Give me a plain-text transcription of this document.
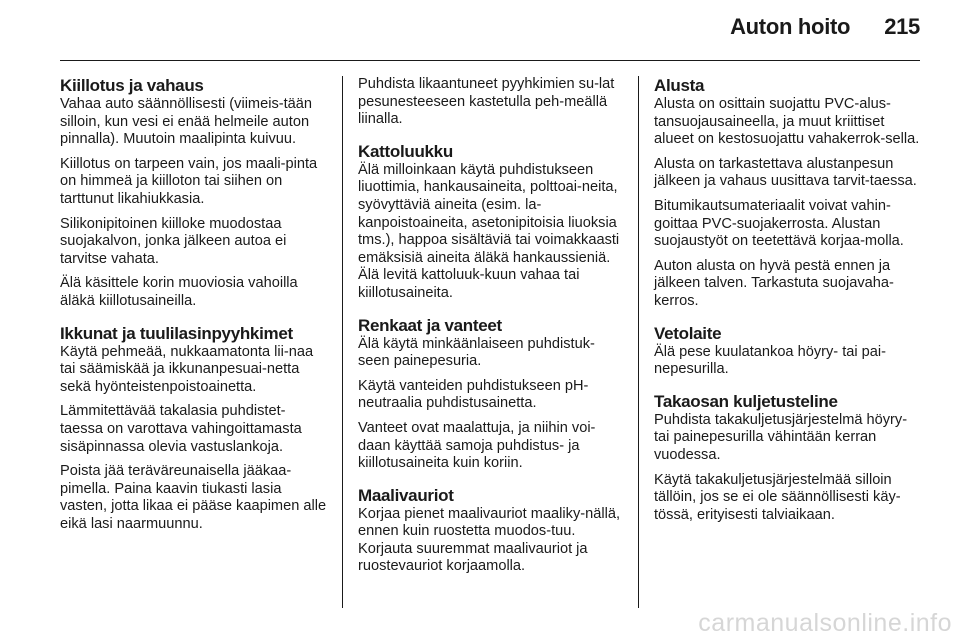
Auton hoito 215
Kiillotus ja vahaus

Vahaa auto säännöllisesti (viimeis-tään silloin, kun vesi ei enää helmeile auton pinnalla). Muutoin maalipinta kuivuu.

Kiillotus on tarpeen vain, jos maali-pinta on himmeä ja kiilloton tai siihen on tarttunut likahiukkasia.

Silikonipitoinen kiilloke muodostaa suojakalvon, jonka jälkeen autoa ei tarvitse vahata.

Älä käsittele korin muoviosia vahoilla äläkä kiillotusaineilla.

Ikkunat ja tuulilasinpyyhkimet

Käytä pehmeää, nukkaamatonta lii-naa tai säämiskää ja ikkunanpesuai-netta sekä hyönteistenpoistoainetta.

Lämmitettävää takalasia puhdistet-taessa on varottava vahingoittamasta sisäpinnassa olevia vastuslankoja.

Poista jää teräväreunaisella jääkaa-pimella. Paina kaavin tiukasti lasia vasten, jotta likaa ei pääse kaapimen alle eikä lasi naarmuunnu.

Puhdista likaantuneet pyyhkimien su-lat pesunesteeseen kastetulla peh-meällä liinalla.

Kattoluukku

Älä milloinkaan käytä puhdistukseen liuottimia, hankausaineita, polttoai-neita, syövyttäviä aineita (esim. la-kanpoistoaineita, asetonipitoisia liuoksia tms.), happoa sisältäviä tai voimakkaasti emäksisiä aineita äläkä hankaussieniä. Älä levitä kattoluuk-kuun vahaa tai kiillotusaineita.

Renkaat ja vanteet

Älä käytä minkäänlaiseen puhdistuk-seen painepesuria.

Käytä vanteiden puhdistukseen pH-neutraalia puhdistusainetta.

Vanteet ovat maalattuja, ja niihin voi-daan käyttää samoja puhdistus- ja kiillotusaineita kuin koriin.

Maalivauriot

Korjaa pienet maalivauriot maaliky-nällä, ennen kuin ruostetta muodos-tuu. Korjauta suuremmat maalivauriot ja ruostevauriot korjaamolla.

Alusta

Alusta on osittain suojattu PVC-alus-tansuojausaineella, ja muut kriittiset alueet on kestosuojattu vahakerrok-sella.

Alusta on tarkastettava alustanpesun jälkeen ja vahaus uusittava tarvit-taessa.

Bitumikautsumateriaalit voivat vahin-goittaa PVC-suojakerrosta. Alustan suojaustyöt on teetettävä korjaa-molla.

Auton alusta on hyvä pestä ennen ja jälkeen talven. Tarkastuta suojavaha-kerros.

Vetolaite

Älä pese kuulatankoa höyry- tai pai-nepesurilla.

Takaosan kuljetusteline

Puhdista takakuljetusjärjestelmä höyry- tai painepesurilla vähintään kerran vuodessa.

Käytä takakuljetusjärjestelmää silloin tällöin, jos se ei ole säännöllisesti käy-tössä, erityisesti talviaikaan.

carmanualsonline.info
